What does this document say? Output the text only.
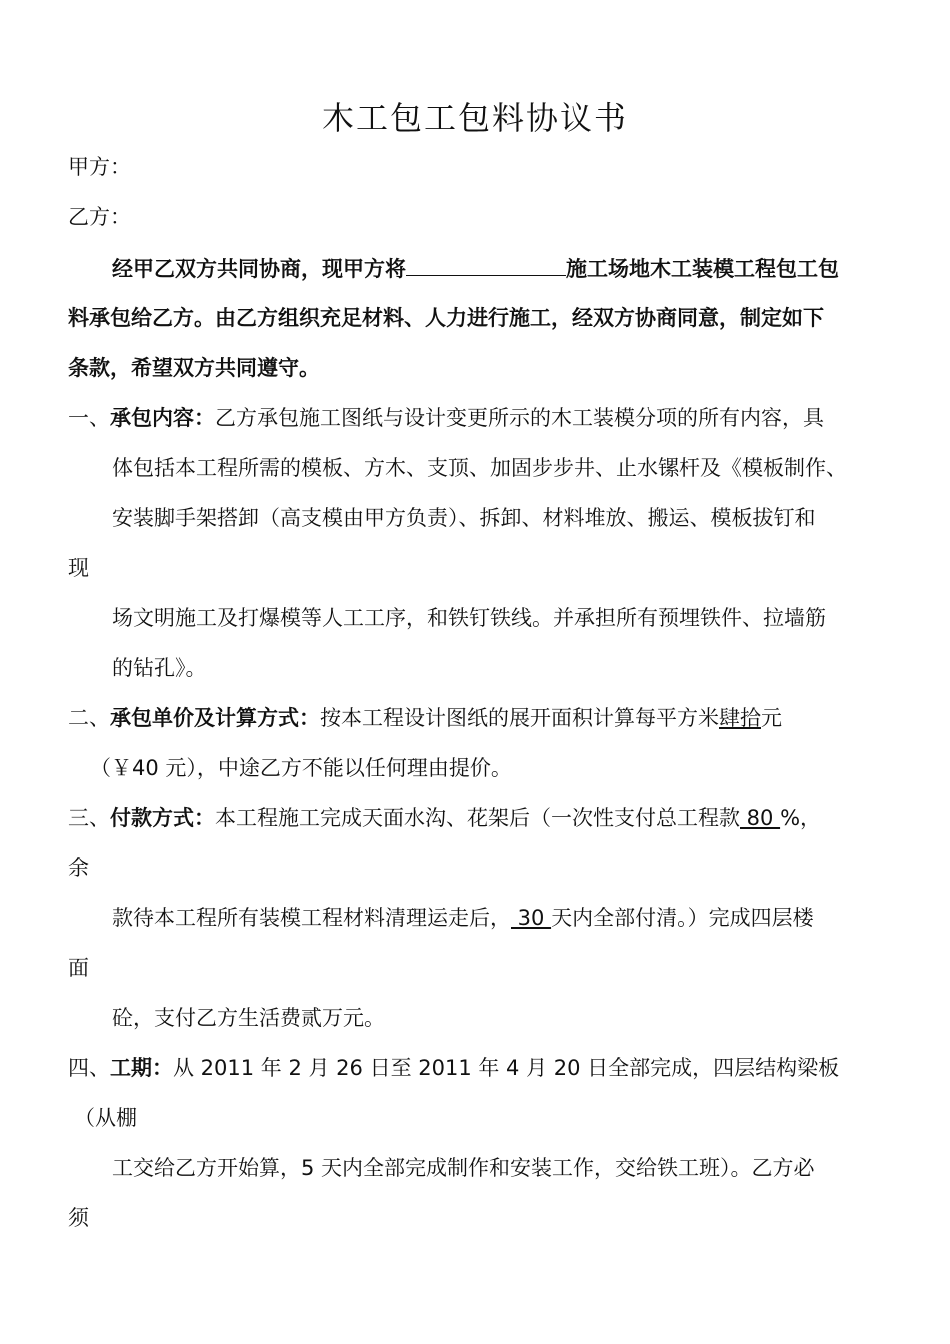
木工包工包料协议书
甲方：
乙方：
经甲乙双方共同协商，现甲方将	施工场地木工装模工程包工包
料承包给乙方。由乙方组织充足材料、人力进行施工，经双方协商同意，制定如下
条款，希望双方共同遵守。
一、承包内容：乙方承包施工图纸与设计变更所示的木工装模分项的所有内容，具
体包括本工程所需的模板、方木、支顶、加固步步井、止水镙杆及《模板制作、
安装脚手架搭卸（高支模由甲方负责）、拆卸、材料堆放、搬运、模板拔钉和
现
场文明施工及打爆模等人工工序，和铁钉铁线。并承担所有预埋铁件、拉墙筋
的钻孔》。
二、承包单价及计算方式：按本工程设计图纸的展开面积计算每平方米肆拾元
（￥40 元），中途乙方不能以任何理由提价。
三、付款方式：本工程施工完成天面水沟、花架后（一次性支付总工程款 80 %，
余
款待本工程所有装模工程材料清理运走后， 30 天内全部付清。）完成四层楼
面
砼，支付乙方生活费贰万元。
四、工期：从 2011 年 2 月 26 日至 2011 年 4 月 20 日全部完成，四层结构梁板
（从棚
工交给乙方开始算，5 天内全部完成制作和安装工作，交给铁工班）。乙方必
须
